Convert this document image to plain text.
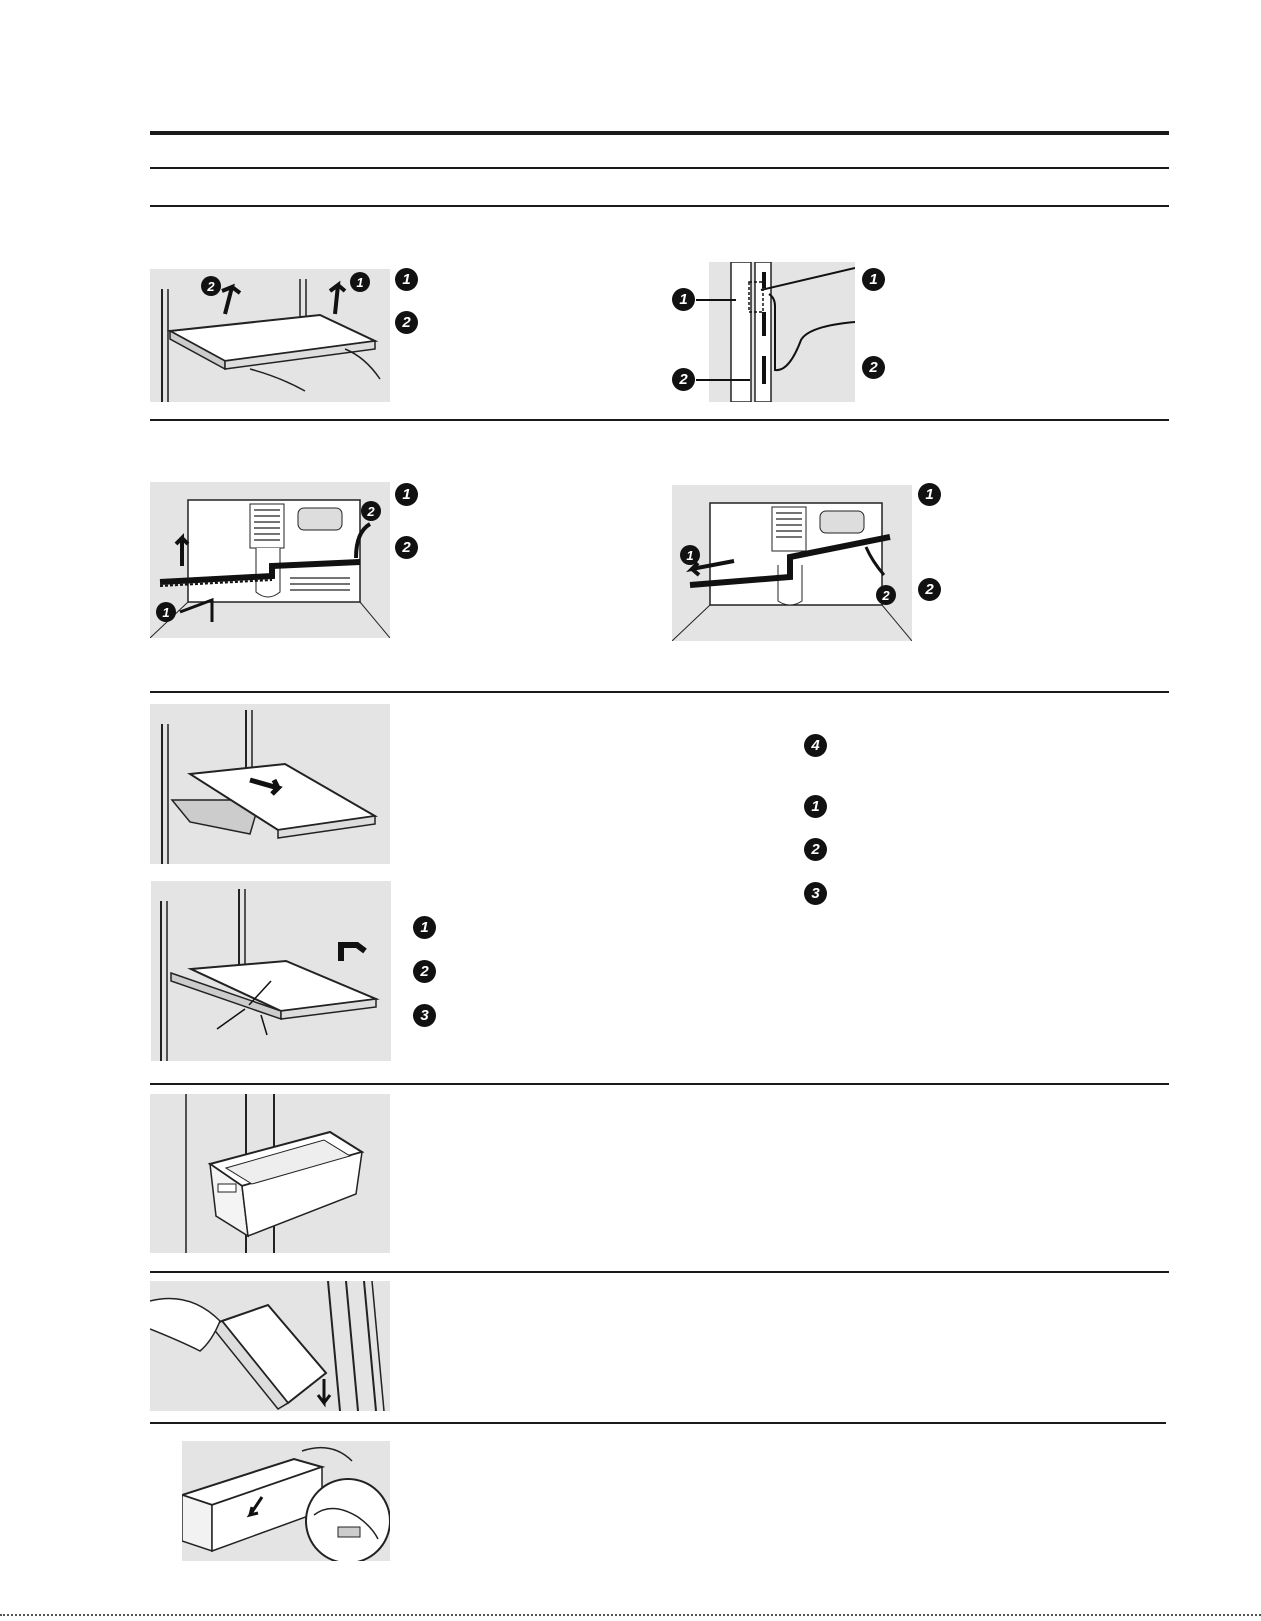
2	1	1
2
1
2
1
2
1
2
1
2	1
2
1
2
1
2
3
4
1
2
3
